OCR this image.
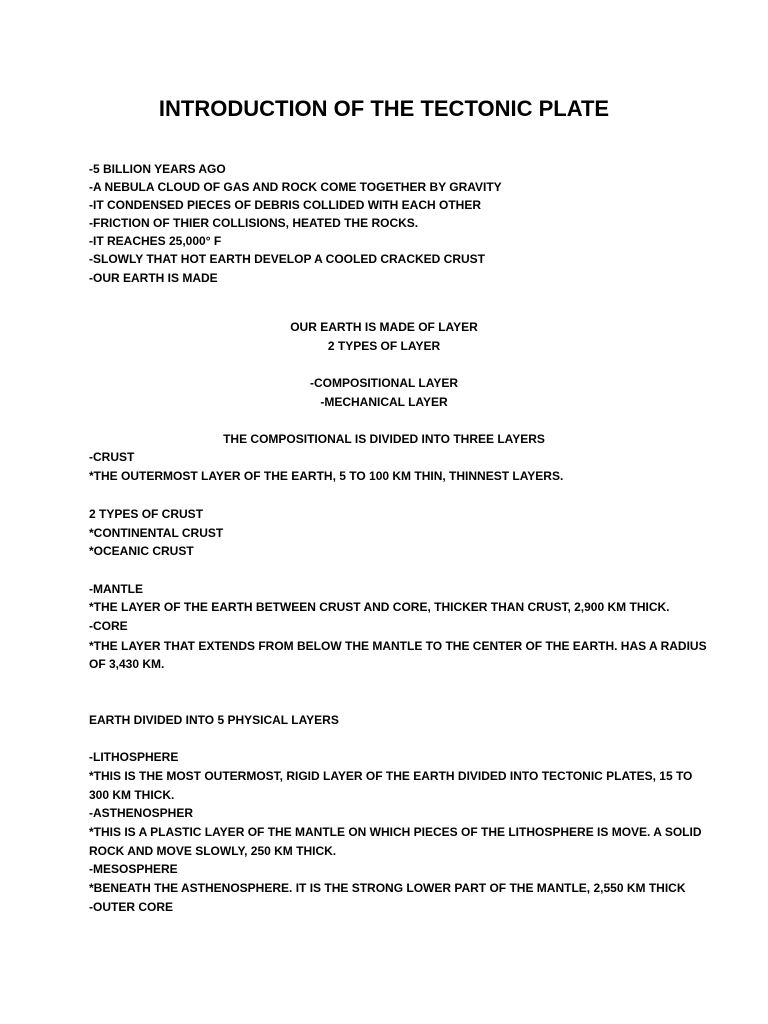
INTRODUCTION OF THE TECTONIC PLATE
-5 BILLION YEARS AGO
-A NEBULA CLOUD OF GAS AND ROCK COME TOGETHER BY GRAVITY
-IT CONDENSED PIECES OF DEBRIS COLLIDED WITH EACH OTHER
-FRICTION OF THIER COLLISIONS, HEATED THE ROCKS.
-IT REACHES 25,000° F
-SLOWLY THAT HOT EARTH DEVELOP A COOLED CRACKED CRUST
-OUR EARTH IS MADE
OUR EARTH IS MADE OF LAYER
2 TYPES OF LAYER
-COMPOSITIONAL LAYER
-MECHANICAL LAYER
THE COMPOSITIONAL IS DIVIDED INTO THREE LAYERS
-CRUST
*THE OUTERMOST LAYER OF THE EARTH, 5 TO 100 KM THIN, THINNEST LAYERS.
2 TYPES OF CRUST
*CONTINENTAL CRUST
*OCEANIC CRUST
-MANTLE
*THE LAYER OF THE EARTH BETWEEN CRUST AND CORE, THICKER THAN CRUST, 2,900 KM THICK.
-CORE
*THE LAYER THAT EXTENDS FROM BELOW THE MANTLE TO THE CENTER OF THE EARTH. HAS A RADIUS
OF 3,430 KM.
EARTH DIVIDED INTO 5 PHYSICAL LAYERS
-LITHOSPHERE
*THIS IS THE MOST OUTERMOST, RIGID LAYER OF THE EARTH DIVIDED INTO TECTONIC PLATES, 15 TO
300 KM THICK.
-ASTHENOSPHER
*THIS IS A PLASTIC LAYER OF THE MANTLE ON WHICH PIECES OF THE LITHOSPHERE IS MOVE. A SOLID
ROCK AND MOVE SLOWLY, 250 KM THICK.
-MESOSPHERE
*BENEATH THE ASTHENOSPHERE. IT IS THE STRONG LOWER PART OF THE MANTLE, 2,550 KM THICK
-OUTER CORE
